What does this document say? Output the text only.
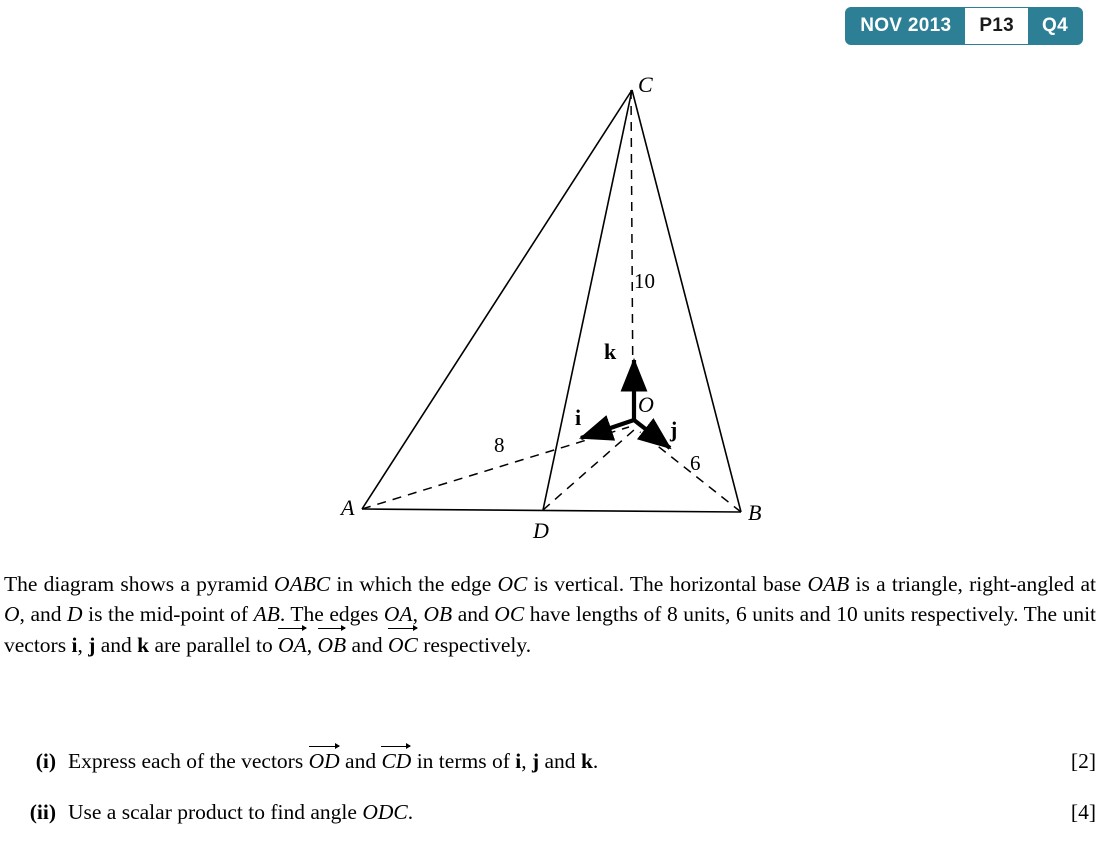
NOV 2013	P13	Q4
C
O
A	B
D
10
8
6
i	j
k

The diagram shows a pyramid OABC in which the edge OC is vertical. The horizontal base OAB is a triangle, right-angled at O, and D is the mid-point of AB. The edges OA, OB and OC have lengths of 8 units, 6 units and 10 units respectively. The unit vectors i, j and k are parallel to OA, OB and OC respectively.

(i) Express each of the vectors OD and CD in terms of i, j and k.	[2]
(ii) Use a scalar product to find angle ODC.	[4]
